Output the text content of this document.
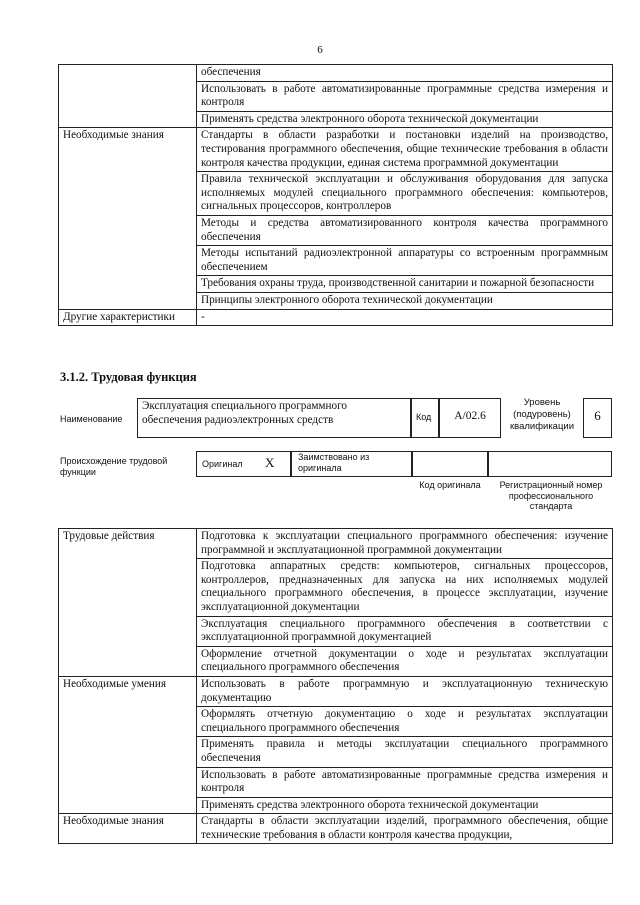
6
	обеспечения
	Использовать в работе автоматизированные программные средства измерения и контроля
	Применять средства электронного оборота технической документации
Необходимые знания	Стандарты в области разработки и постановки изделий на производство, тестирования программного обеспечения, общие технические требования в области контроля качества продукции, единая система программной документации
	Правила технической эксплуатации и обслуживания оборудования для запуска исполняемых модулей специального программного обеспечения: компьютеров, сигнальных процессоров, контроллеров
	Методы и средства автоматизированного контроля качества программного обеспечения
	Методы испытаний радиоэлектронной аппаратуры со встроенным программным обеспечением
	Требования охраны труда, производственной санитарии и пожарной безопасности
	Принципы электронного оборота технической документации
Другие характеристики	-
3.1.2. Трудовая функция
Наименование
Эксплуатация специального программного обеспечения радиоэлектронных средств	Код	А/02.6
Уровень (подуровень) квалификации
6
Происхождение трудовой функции
Оригинал Х	Заимствовано из оригинала
Код оригинала	Регистрационный номер профессионального стандарта
Трудовые действия	Подготовка к эксплуатации специального программного обеспечения: изучение программной и эксплуатационной программной документации
	Подготовка аппаратных средств: компьютеров, сигнальных процессоров, контроллеров, предназначенных для запуска на них исполняемых модулей специального программного обеспечения, в процессе эксплуатации, изучение эксплуатационной документации
	Эксплуатация специального программного обеспечения в соответствии с эксплуатационной программной документацией
	Оформление отчетной документации о ходе и результатах эксплуатации специального программного обеспечения
Необходимые умения	Использовать в работе программную и эксплуатационную техническую документацию
	Оформлять отчетную документацию о ходе и результатах эксплуатации специального программного обеспечения
	Применять правила и методы эксплуатации специального программного обеспечения
	Использовать в работе автоматизированные программные средства измерения и контроля
	Применять средства электронного оборота технической документации
Необходимые знания	Стандарты в области эксплуатации изделий, программного обеспечения, общие технические требования в области контроля качества продукции,
